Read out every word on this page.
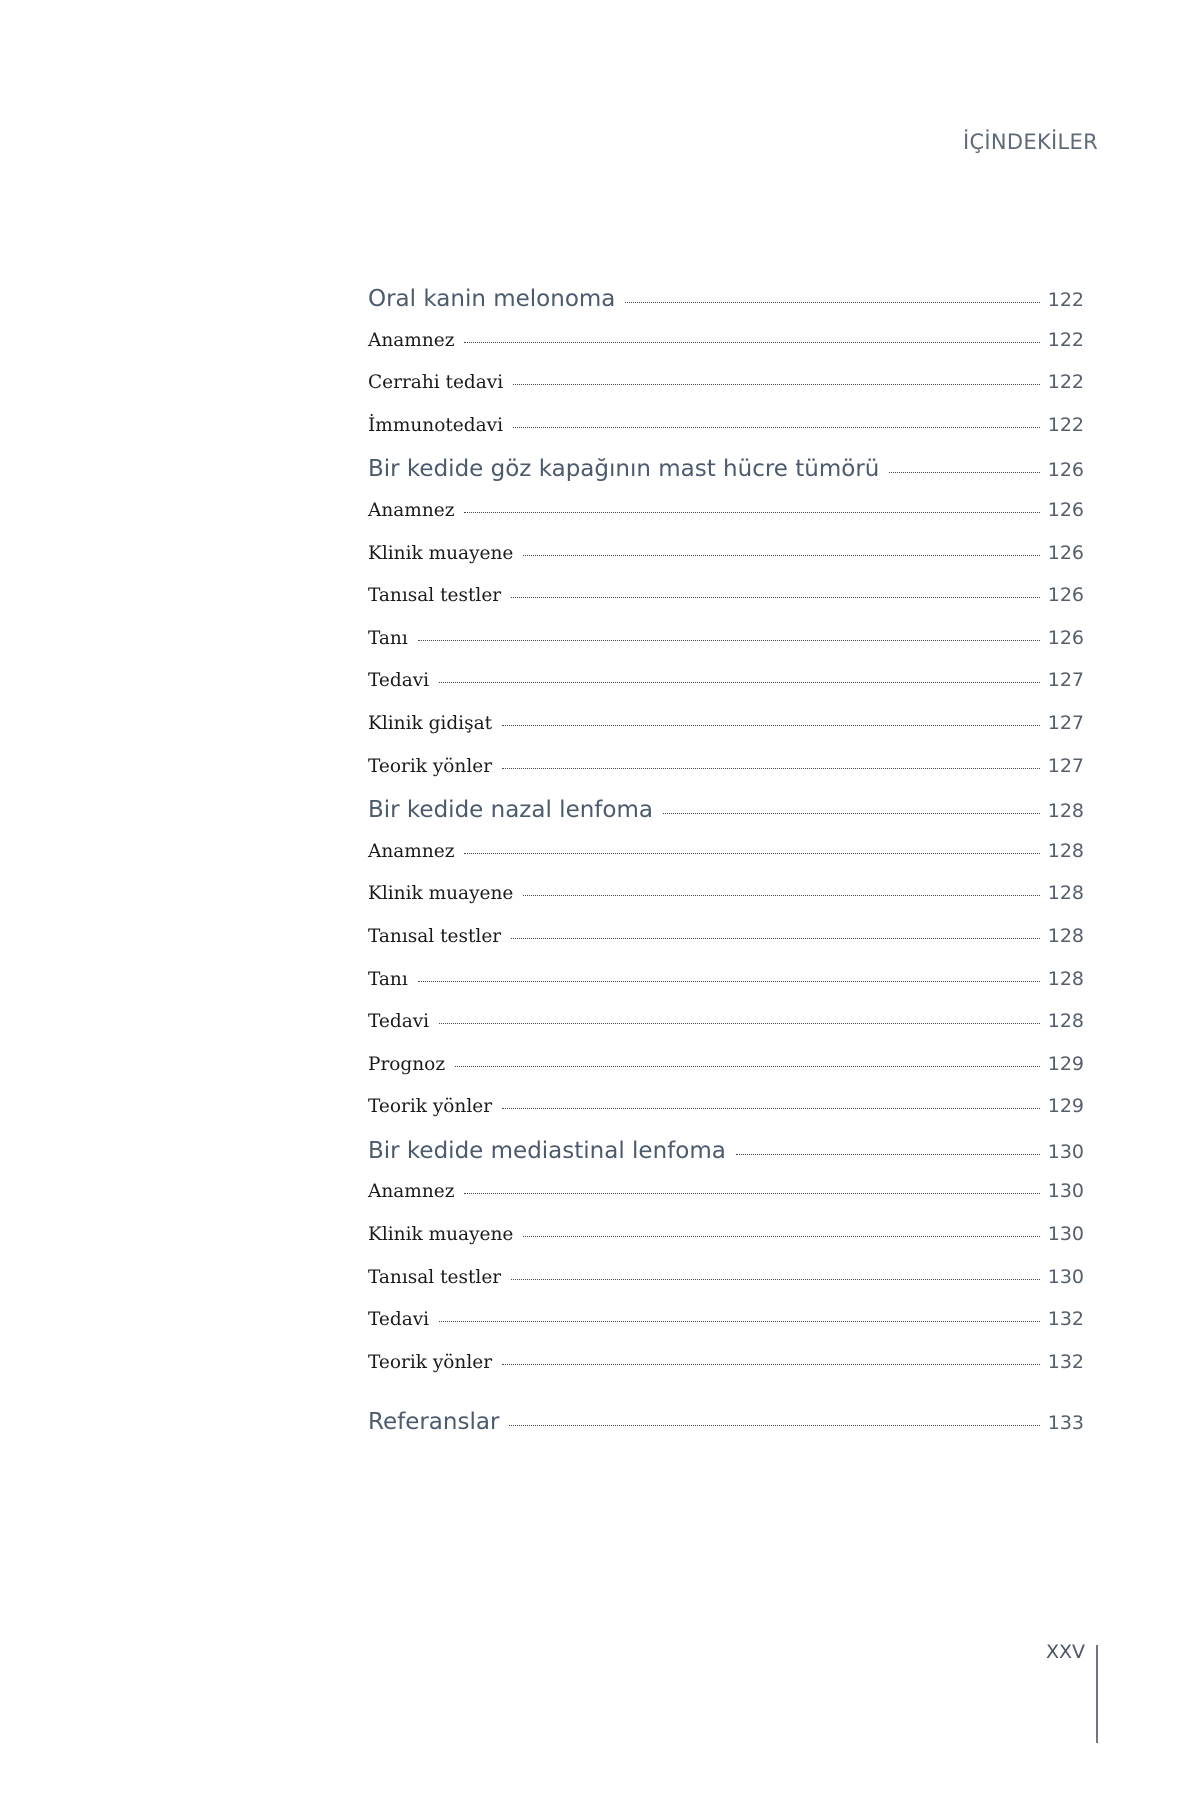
İÇİNDEKİLER
Oral kanin melonoma	122
Anamnez	122
Cerrahi tedavi	122
İmmunotedavi	122
Bir kedide göz kapağının mast hücre tümörü	126
Anamnez	126
Klinik muayene	126
Tanısal testler	126
Tanı	126
Tedavi	127
Klinik gidişat	127
Teorik yönler	127
Bir kedide nazal lenfoma	128
Anamnez	128
Klinik muayene	128
Tanısal testler	128
Tanı	128
Tedavi	128
Prognoz	129
Teorik yönler	129
Bir kedide mediastinal lenfoma	130
Anamnez	130
Klinik muayene	130
Tanısal testler	130
Tedavi	132
Teorik yönler	132
Referanslar	133
XXV
